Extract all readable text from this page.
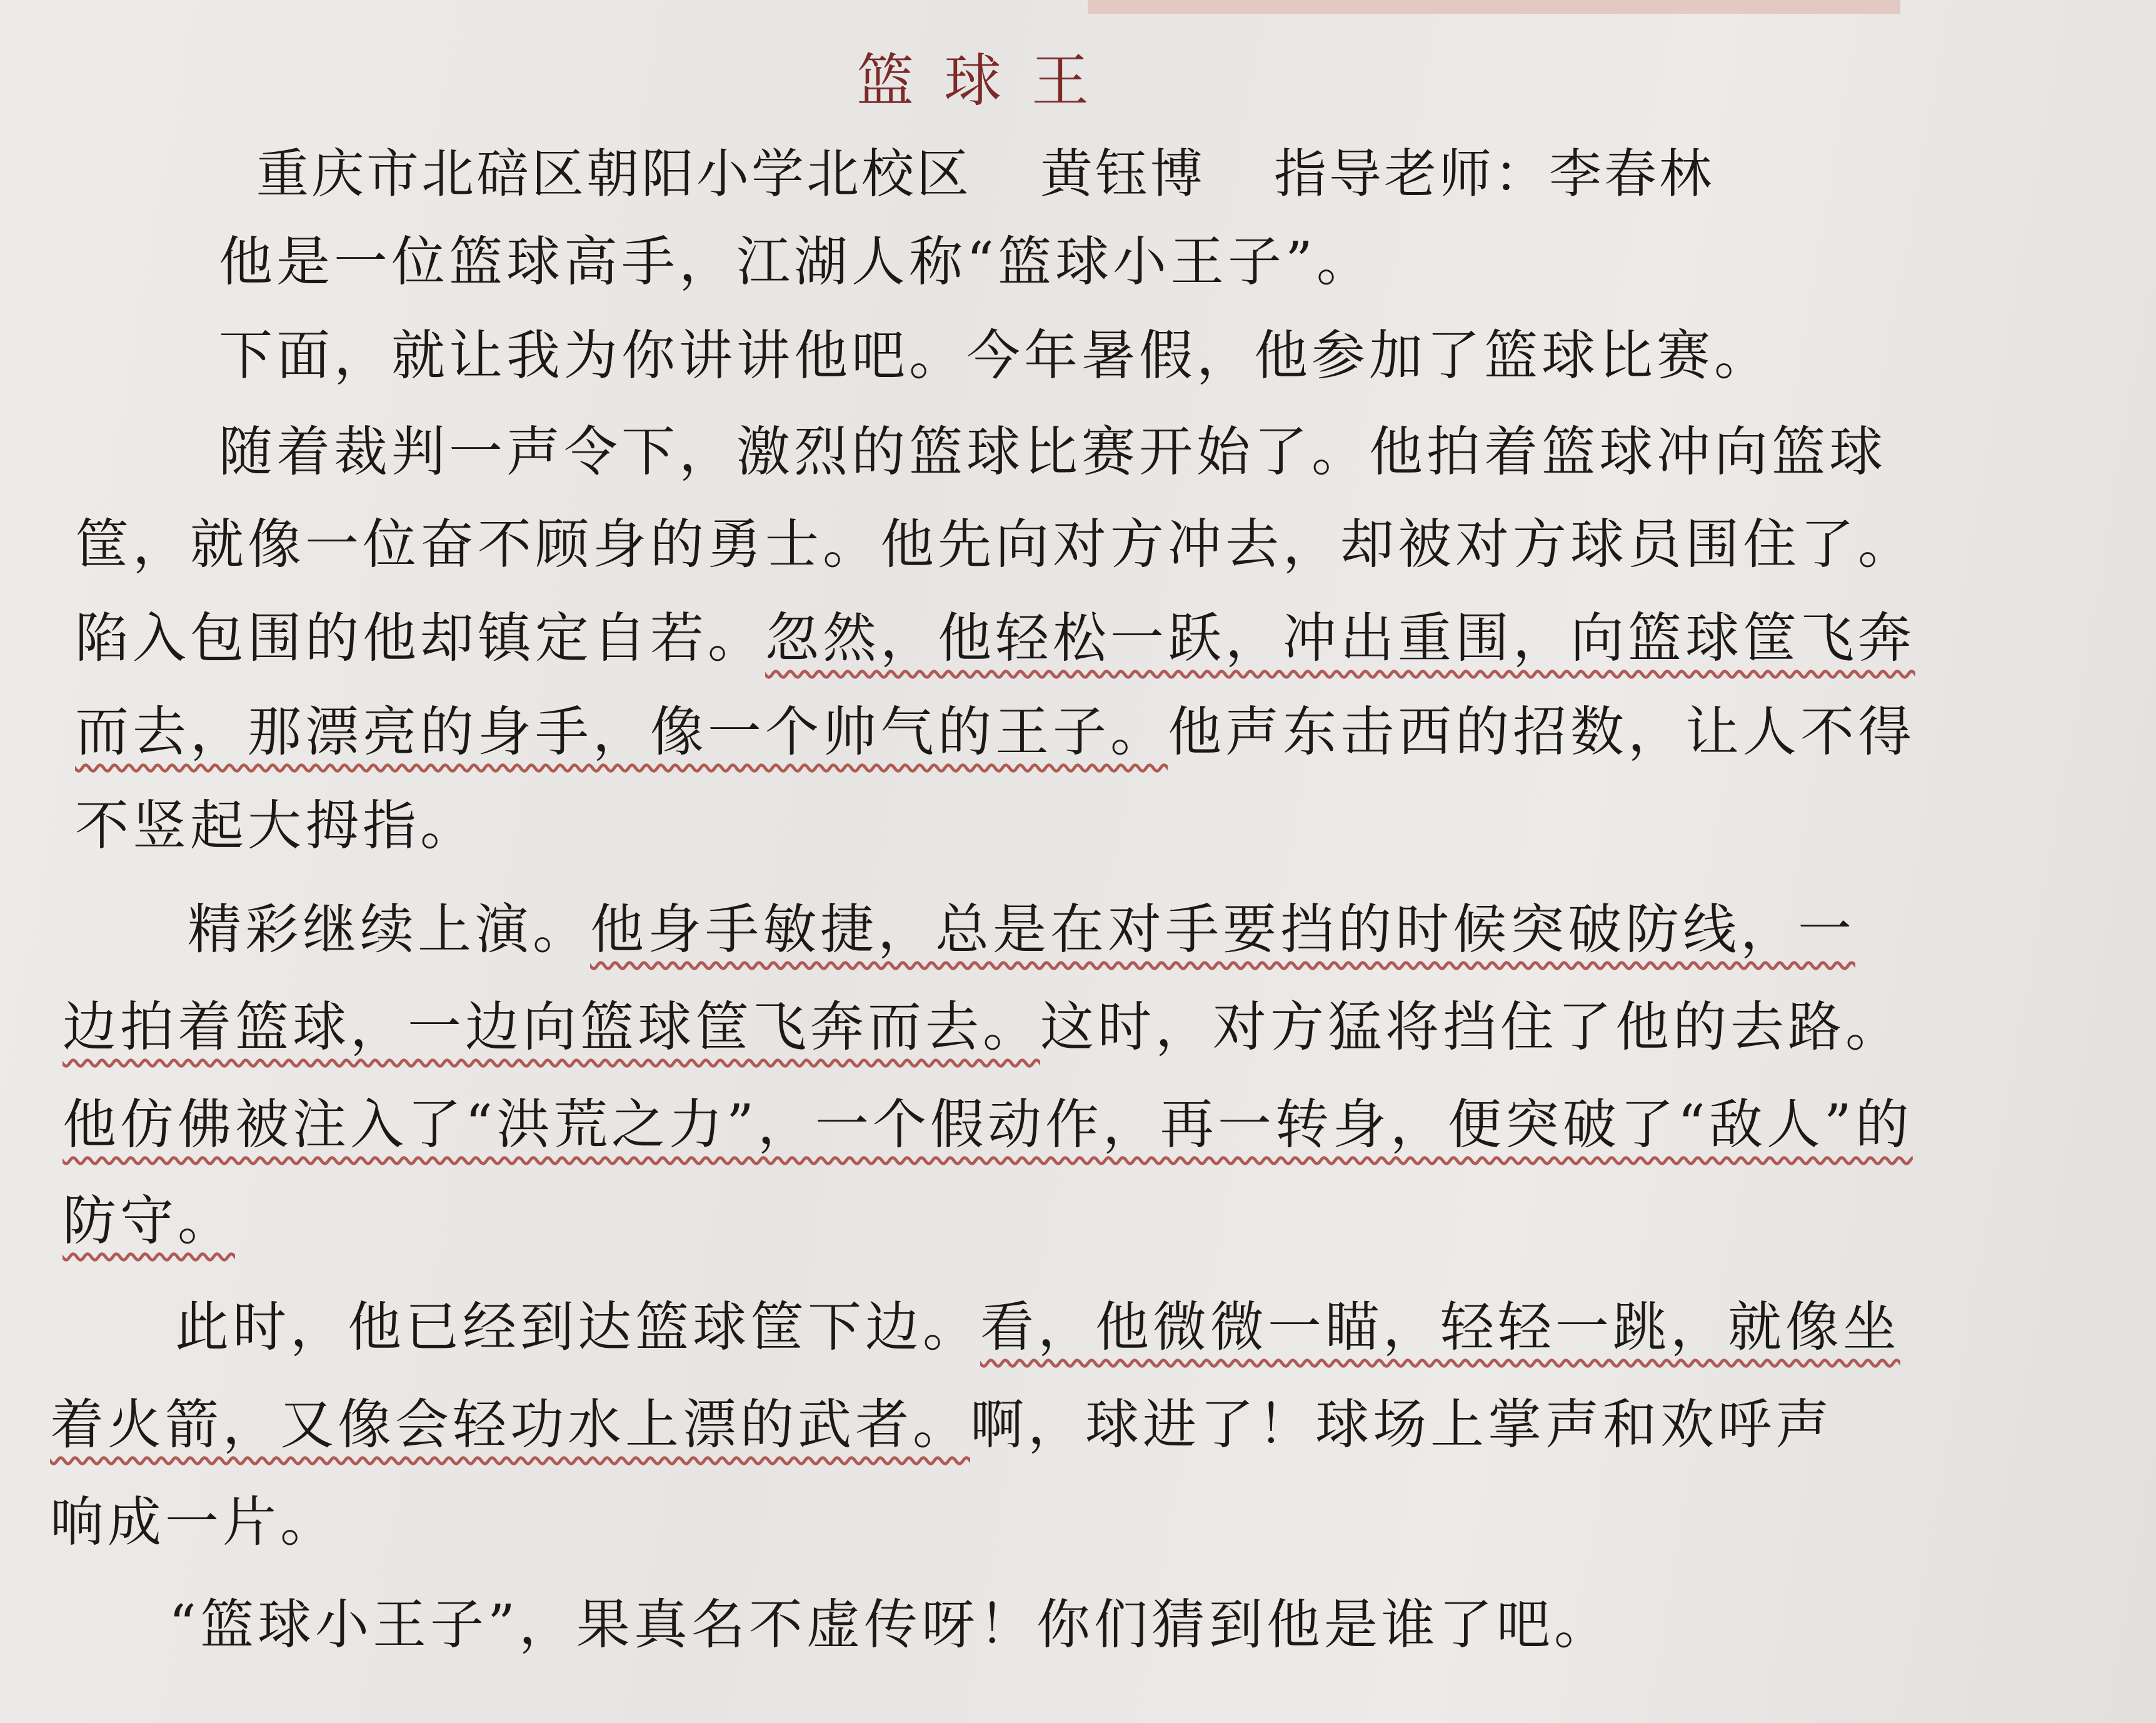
篮球王
重庆市北碚区朝阳小学北校区 黄钰博 指导老师：李春林
他是一位篮球高手，江湖人称“篮球小王子”。
下面，就让我为你讲讲他吧。今年暑假，他参加了篮球比赛。
随着裁判一声令下，激烈的篮球比赛开始了。他拍着篮球冲向篮球
筐，就像一位奋不顾身的勇士。他先向对方冲去，却被对方球员围住了。
陷入包围的他却镇定自若。忽然，他轻松一跃，冲出重围，向篮球筐飞奔
而去，那漂亮的身手，像一个帅气的王子。他声东击西的招数，让人不得
不竖起大拇指。
精彩继续上演。他身手敏捷，总是在对手要挡的时候突破防线，一
边拍着篮球，一边向篮球筐飞奔而去。这时，对方猛将挡住了他的去路。
他仿佛被注入了“洪荒之力”，一个假动作，再一转身，便突破了“敌人”的
防守。
此时，他已经到达篮球筐下边。看，他微微一瞄，轻轻一跳，就像坐
着火箭，又像会轻功水上漂的武者。啊，球进了！球场上掌声和欢呼声
响成一片。
“篮球小王子”，果真名不虚传呀！你们猜到他是谁了吧。
